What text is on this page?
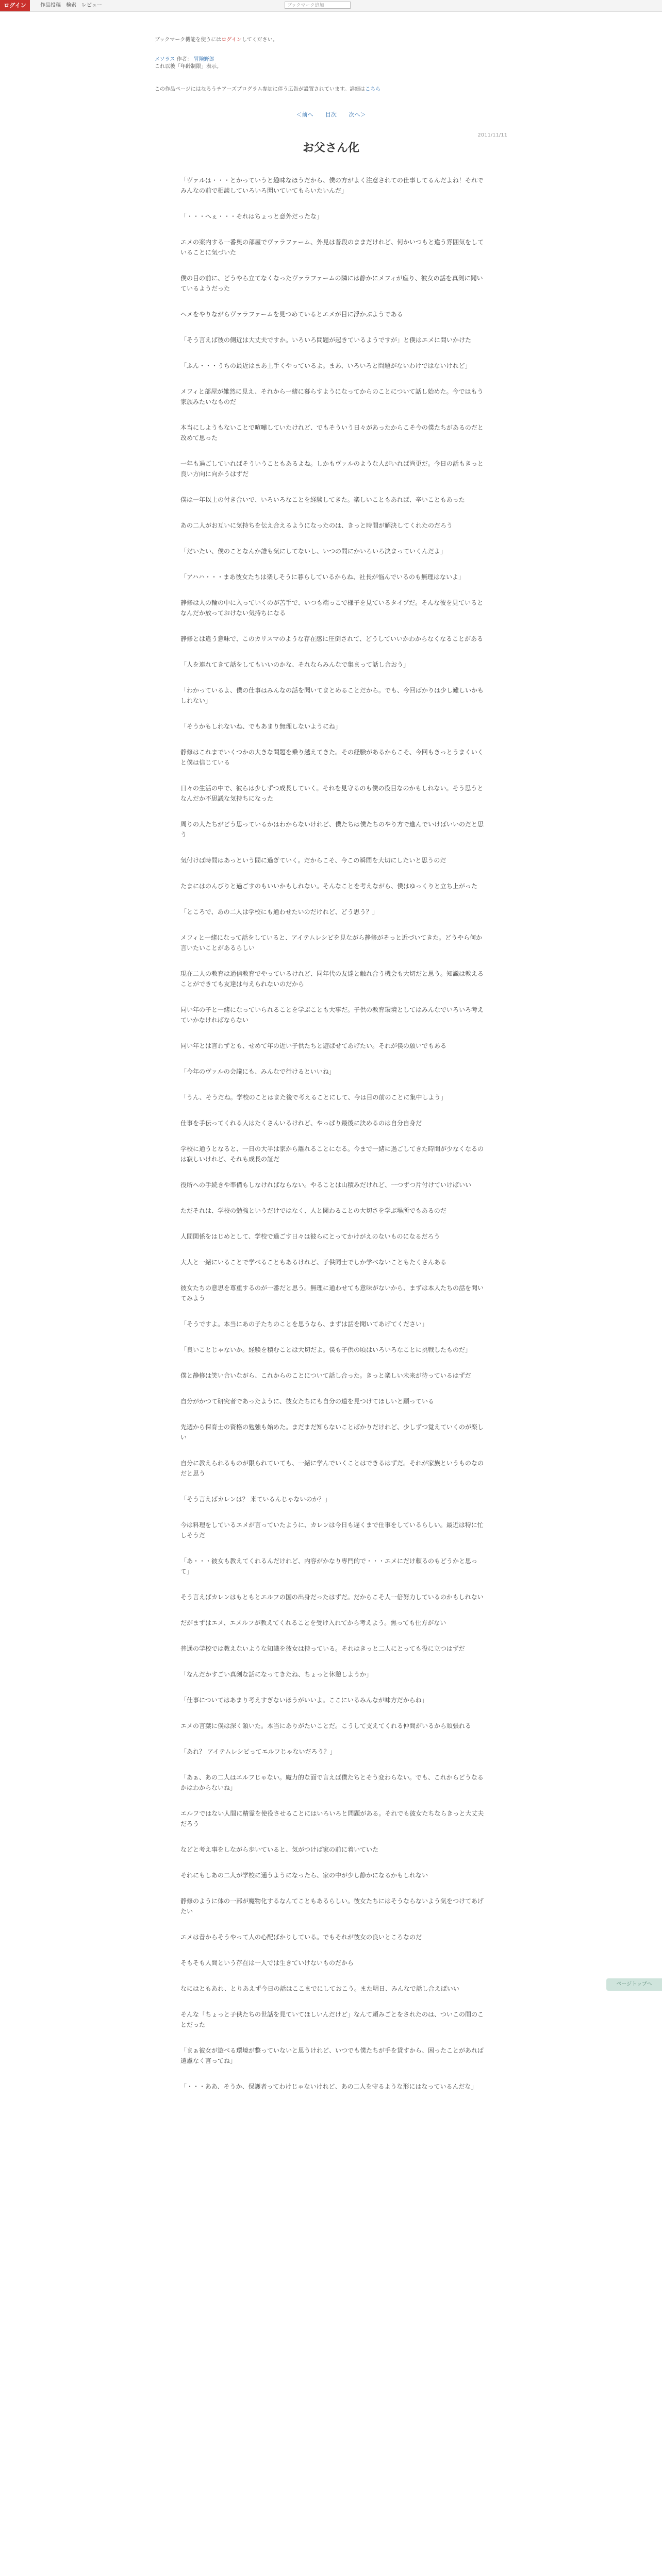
ログイン	作品投稿 検索 レビュー	ブックマーク追加
ブックマーク機能を使うにはログインしてください。
メソラス 作者： 冒険野郎
これ以後「年齢制限」表示。
この作品ページにはなろうチアーズプログラム参加に伴う広告が設置されています。詳細はこちら
＜前へ 目次 次へ＞
2011/11/11
お父さん化

「ヴァルは・・・とかっていうと趣味なほうだから、僕の方がよく注意されての仕事してるんだよね！それでみんなの前で相談していろいろ聞いていてもらいたいんだ」

「・・・へぇ・・・それはちょっと意外だったな」

エメの案内する一番奥の部屋でヴァラファーム、外見は普段のままだけれど、何かいつもと違う雰囲気をしていることに気づいた

僕の目の前に、どうやら立てなくなったヴァラファームの隣には静かにメフィが座り、彼女の話を真剣に聞いているようだった

ヘメをやりながらヴァラファームを見つめているとエメが目に浮かぶようである

「そう言えば彼の側近は大丈夫ですか。いろいろ問題が起きているようですが」と僕はエメに問いかけた

「ふん・・・うちの最近はまあ上手くやっているよ。まあ、いろいろと問題がないわけではないけれど」

メフィと部屋が雑然に見え、それから一緒に暮らすようになってからのことについて話し始めた。今ではもう家族みたいなものだ

本当にしようもないことで喧嘩していたけれど、でもそういう日々があったからこそ今の僕たちがあるのだと改めて思った

一年も過ごしていればそういうこともあるよね。しかもヴァルのような人がいれば尚更だ。今日の話もきっと良い方向に向かうはずだ

僕は一年以上の付き合いで、いろいろなことを経験してきた。楽しいこともあれば、辛いこともあった

あの二人がお互いに気持ちを伝え合えるようになったのは、きっと時間が解決してくれたのだろう

「だいたい、僕のことなんか誰も気にしてないし、いつの間にかいろいろ決まっていくんだよ」

「アハハ・・・まあ彼女たちは楽しそうに暮らしているからね、社長が悩んでいるのも無理はないよ」

静修は人の輪の中に入っていくのが苦手で、いつも端っこで様子を見ているタイプだ。そんな彼を見ているとなんだか放っておけない気持ちになる

静修とは違う意味で、このカリスマのような存在感に圧倒されて、どうしていいかわからなくなることがある

「人を連れてきて話をしてもいいのかな、それならみんなで集まって話し合おう」

「わかっているよ、僕の仕事はみんなの話を聞いてまとめることだから。でも、今回ばかりは少し難しいかもしれない」

「そうかもしれないね、でもあまり無理しないようにね」

静修はこれまでいくつかの大きな問題を乗り越えてきた。その経験があるからこそ、今回もきっとうまくいくと僕は信じている

日々の生活の中で、彼らは少しずつ成長していく。それを見守るのも僕の役目なのかもしれない。そう思うとなんだか不思議な気持ちになった

周りの人たちがどう思っているかはわからないけれど、僕たちは僕たちのやり方で進んでいけばいいのだと思う

気付けば時間はあっという間に過ぎていく。だからこそ、今この瞬間を大切にしたいと思うのだ

たまにはのんびりと過ごすのもいいかもしれない。そんなことを考えながら、僕はゆっくりと立ち上がった

「ところで、あの二人は学校にも通わせたいのだけれど、どう思う？」

メフィと一緒になって話をしていると、アイテムレシピを見ながら静修がそっと近づいてきた。どうやら何か言いたいことがあるらしい

現在二人の教育は通信教育でやっているけれど、同年代の友達と触れ合う機会も大切だと思う。知識は教えることができても友達は与えられないのだから

同い年の子と一緒になっていられることを学ぶことも大事だ。子供の教育環境としてはみんなでいろいろ考えていかなければならない

同い年とは言わずとも、せめて年の近い子供たちと遊ばせてあげたい。それが僕の願いでもある

「今年のヴァルの会議にも、みんなで行けるといいね」

「うん、そうだね。学校のことはまた後で考えることにして、今は目の前のことに集中しよう」

仕事を手伝ってくれる人はたくさんいるけれど、やっぱり最後に決めるのは自分自身だ

学校に通うとなると、一日の大半は家から離れることになる。今まで一緒に過ごしてきた時間が少なくなるのは寂しいけれど、それも成長の証だ

役所への手続きや準備もしなければならない。やることは山積みだけれど、一つずつ片付けていけばいい

ただそれは、学校の勉強というだけではなく、人と関わることの大切さを学ぶ場所でもあるのだ

人間関係をはじめとして、学校で過ごす日々は彼らにとってかけがえのないものになるだろう

大人と一緒にいることで学べることもあるけれど、子供同士でしか学べないこともたくさんある

彼女たちの意思を尊重するのが一番だと思う。無理に通わせても意味がないから、まずは本人たちの話を聞いてみよう

「そうですよ。本当にあの子たちのことを思うなら、まずは話を聞いてあげてください」

「良いことじゃないか。経験を積むことは大切だよ。僕も子供の頃はいろいろなことに挑戦したものだ」

僕と静修は笑い合いながら、これからのことについて話し合った。きっと楽しい未来が待っているはずだ

自分がかつて研究者であったように、彼女たちにも自分の道を見つけてほしいと願っている

先週から保育士の資格の勉強も始めた。まだまだ知らないことばかりだけれど、少しずつ覚えていくのが楽しい

自分に教えられるものが限られていても、一緒に学んでいくことはできるはずだ。それが家族というものなのだと思う

「そう言えばカレンは？ 来ているんじゃないのか？」

今は料理をしているエメが言っていたように、カレンは今日も遅くまで仕事をしているらしい。最近は特に忙しそうだ

「あ・・・彼女も教えてくれるんだけれど、内容がかなり専門的で・・・エメにだけ頼るのもどうかと思って」

そう言えばカレンはもともとエルフの国の出身だったはずだ。だからこそ人一倍努力しているのかもしれない

だがまずはエメ、エメルフが教えてくれることを受け入れてから考えよう。焦っても仕方がない

普通の学校では教えないような知識を彼女は持っている。それはきっと二人にとっても役に立つはずだ

「なんだかすごい真剣な話になってきたね、ちょっと休憩しようか」

「仕事についてはあまり考えすぎないほうがいいよ。ここにいるみんなが味方だからね」

エメの言葉に僕は深く頷いた。本当にありがたいことだ。こうして支えてくれる仲間がいるから頑張れる

「あれ？ アイテムレシピってエルフじゃないだろう？」

「あぁ、あの二人はエルフじゃない。魔力的な面で言えば僕たちとそう変わらない。でも、これからどうなるかはわからないね」

エルフではない人間に精霊を使役させることにはいろいろと問題がある。それでも彼女たちならきっと大丈夫だろう

などと考え事をしながら歩いていると、気がつけば家の前に着いていた

それにもしあの二人が学校に通うようになったら、家の中が少し静かになるかもしれない

静修のように体の一部が魔物化するなんてこともあるらしい。彼女たちにはそうならないよう気をつけてあげたい

エメは昔からそうやって人の心配ばかりしている。でもそれが彼女の良いところなのだ

そもそも人間という存在は一人では生きていけないものだから

なにはともあれ、とりあえず今日の話はここまでにしておこう。また明日、みんなで話し合えばいい

そんな「ちょっと子供たちの世話を見ていてほしいんだけど」なんて頼みごとをされたのは、ついこの間のことだった

「まぁ彼女が遊べる環境が整っていないと思うけれど、いつでも僕たちが手を貸すから、困ったことがあれば遠慮なく言ってね」

「・・・ああ、そうか、保護者ってわけじゃないけれど、あの二人を守るような形にはなっているんだな」

ページトップへ
